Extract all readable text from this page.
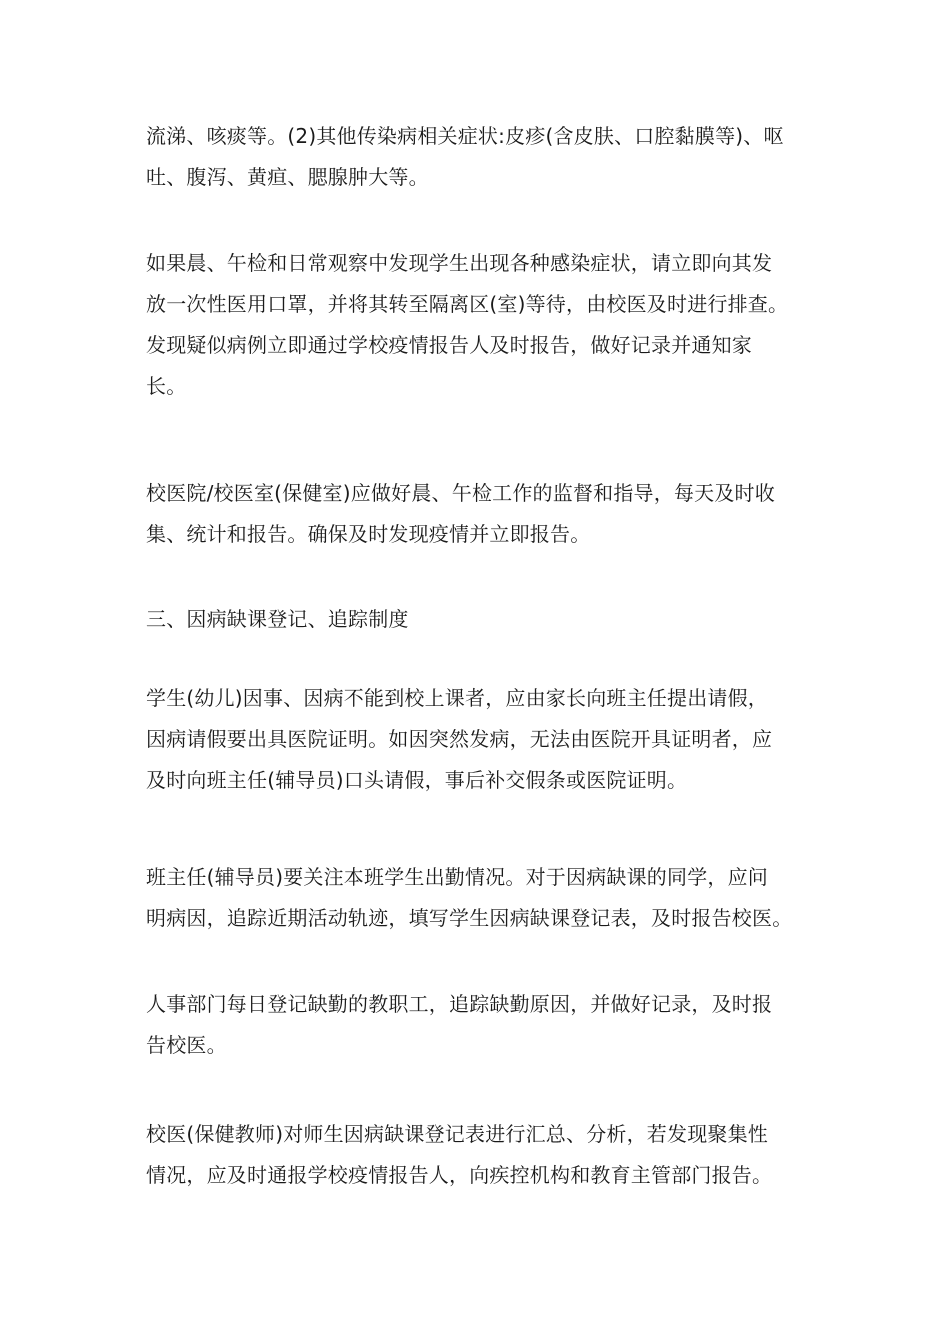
流涕、咳痰等。(2)其他传染病相关症状:皮疹(含皮肤、口腔黏膜等)、呕
吐、腹泻、黄疸、腮腺肿大等。
如果晨、午检和日常观察中发现学生出现各种感染症状，请立即向其发
放一次性医用口罩，并将其转至隔离区(室)等待，由校医及时进行排查。
发现疑似病例立即通过学校疫情报告人及时报告，做好记录并通知家
长。
校医院/校医室(保健室)应做好晨、午检工作的监督和指导，每天及时收
集、统计和报告。确保及时发现疫情并立即报告。
三、因病缺课登记、追踪制度
学生(幼儿)因事、因病不能到校上课者，应由家长向班主任提出请假，
因病请假要出具医院证明。如因突然发病，无法由医院开具证明者，应
及时向班主任(辅导员)口头请假，事后补交假条或医院证明。
班主任(辅导员)要关注本班学生出勤情况。对于因病缺课的同学，应问
明病因，追踪近期活动轨迹，填写学生因病缺课登记表，及时报告校医。
人事部门每日登记缺勤的教职工，追踪缺勤原因，并做好记录，及时报
告校医。
校医(保健教师)对师生因病缺课登记表进行汇总、分析，若发现聚集性
情况，应及时通报学校疫情报告人，向疾控机构和教育主管部门报告。
